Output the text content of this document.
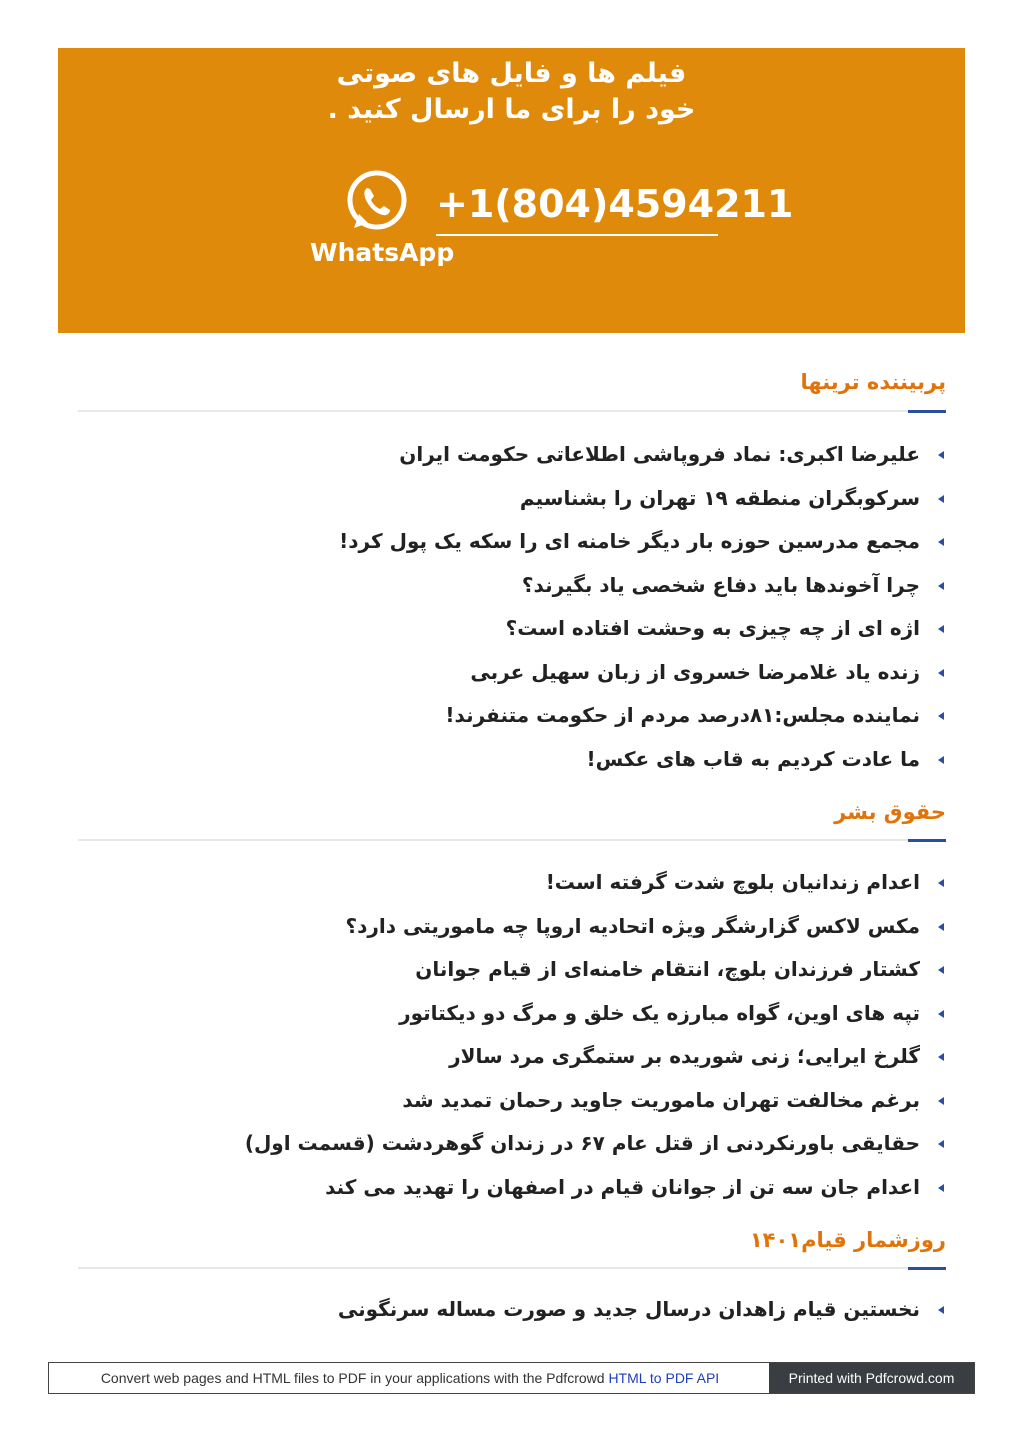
فیلم ها و فایل های صوتی
خود را برای ما ارسال کنید .
WhatsApp
+1(804)4594211
پربیننده ترینها
علیرضا اکبری: نماد فروپاشی اطلاعاتی حکومت ایران
سرکوبگران منطقه ۱۹ تهران را بشناسیم
مجمع مدرسین حوزه بار دیگر خامنه ای را سکه یک پول کرد!
چرا آخوندها باید دفاع شخصی یاد بگیرند؟
اژه ای از چه چیزی به وحشت افتاده است؟
زنده یاد غلامرضا خسروی از زبان سهیل عربی
نماینده مجلس:۸۱درصد مردم از حکومت متنفرند!
ما عادت کردیم به قاب های عکس!
حقوق بشر
اعدام زندانیان بلوچ شدت گرفته است!
مکس لاکس گزارشگر ویژه اتحادیه اروپا چه ماموریتی دارد؟
کشتار فرزندان بلوچ، انتقام خامنه‌ای از قیام جوانان
تپه های اوین، گواه مبارزه یک خلق و مرگ دو دیکتاتور
گلرخ ایرایی؛ زنی شوریده بر ستمگری مرد سالار
برغم مخالفت تهران ماموریت جاوید رحمان تمدید شد
حقایقی باورنکردنی از قتل عام ۶۷ در زندان گوهردشت (قسمت اول)
اعدام جان سه تن از جوانان قیام در اصفهان را تهدید می کند
روزشمار قیام۱۴۰۱
نخستین قیام زاهدان درسال جدید و صورت مساله سرنگونی
Convert web pages and HTML files to PDF in your applications with the Pdfcrowd HTML to PDF API	Printed with Pdfcrowd.com
